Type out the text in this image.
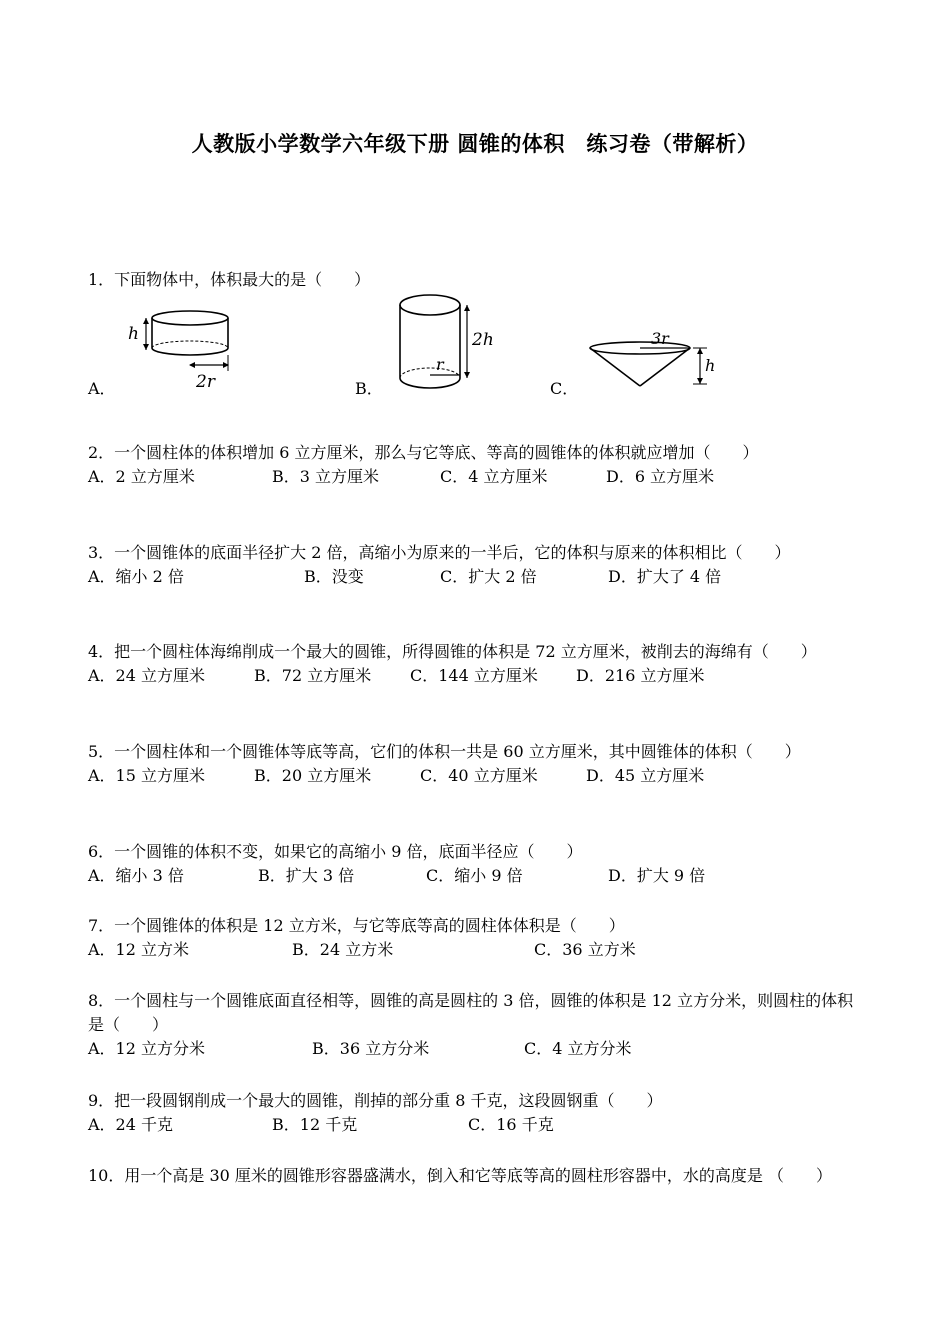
人教版小学数学六年级下册 圆锥的体积　练习卷（带解析）
1．下面物体中，体积最大的是（　　）
A．
h
2r	B．
r
2h
C．
3r
h
2．一个圆柱体的体积增加 6 立方厘米，那么与它等底、等高的圆锥体的体积就应增加（　　）
A．2 立方厘米	B．3 立方厘米	C．4 立方厘米	D．6 立方厘米
3．一个圆锥体的底面半径扩大 2 倍，高缩小为原来的一半后，它的体积与原来的体积相比（　　）
A．缩小 2 倍	B．没变	C．扩大 2 倍	D．扩大了 4 倍
4．把一个圆柱体海绵削成一个最大的圆锥，所得圆锥的体积是 72 立方厘米，被削去的海绵有（　　）
A．24 立方厘米	B．72 立方厘米 C．144 立方厘米 D．216 立方厘米
5．一个圆柱体和一个圆锥体等底等高，它们的体积一共是 60 立方厘米，其中圆锥体的体积（　　）
A．15 立方厘米	B．20 立方厘米	C．40 立方厘米	D．45 立方厘米
6．一个圆锥的体积不变，如果它的高缩小 9 倍，底面半径应（　　）
A．缩小 3 倍	B．扩大 3 倍	C．缩小 9 倍	D．扩大 9 倍
7．一个圆锥体的体积是 12 立方米，与它等底等高的圆柱体体积是（　　）
A．12 立方米	B．24 立方米	C．36 立方米
8．一个圆柱与一个圆锥底面直径相等，圆锥的高是圆柱的 3 倍，圆锥的体积是 12 立方分米，则圆柱的体积是（　　）
A．12 立方分米	B．36 立方分米	C．4 立方分米
9．把一段圆钢削成一个最大的圆锥，削掉的部分重 8 千克，这段圆钢重（　　）
A．24 千克	B．12 千克	C．16 千克
10．用一个高是 30 厘米的圆锥形容器盛满水，倒入和它等底等高的圆柱形容器中，水的高度是 （　　）
